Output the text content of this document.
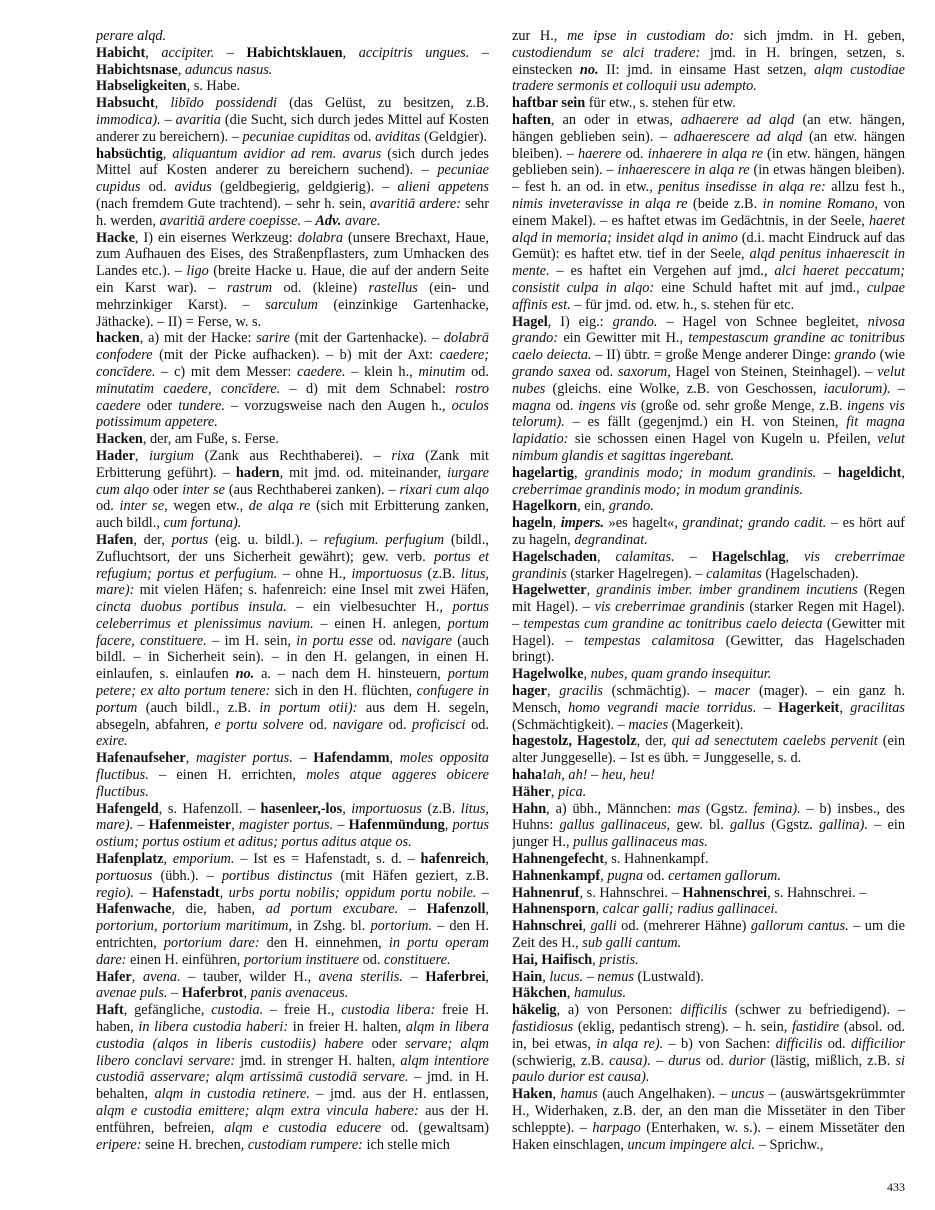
perare alqd.

Habicht, accipiter. – Habichtsklauen, accipitris ungues. – Habichtsnase, aduncus nasus.

Habseligkeiten, s. Habe.

Habsucht, libīdo possidendi (das Gelüst, zu besitzen, z.B. immodica). – avaritia (die Sucht, sich durch jedes Mittel auf Kosten anderer zu bereichern). – pecuniae cupiditas od. aviditas (Geldgier).

habsüchtig, aliquantum avidior ad rem. avarus (sich durch jedes Mittel auf Kosten anderer zu bereichern suchend). – pecuniae cupidus od. avidus (geldbegierig, geldgierig). – alieni appetens (nach fremdem Gute trachtend). – sehr h. sein, avaritiā ardere: sehr h. werden, avaritiā ardere coepisse. – Adv. avare.

Hacke, I) ein eisernes Werkzeug: dolabra (unsere Brechaxt, Haue, zum Aufhauen des Eises, des Straßenpflasters, zum Umhacken des Landes etc.). – ligo (breite Hacke u. Haue, die auf der andern Seite ein Karst war). – rastrum od. (kleine) rastellus (ein- und mehrzinkiger Karst). – sarculum (einzinkige Gartenhacke, Jäthacke). – II) = Ferse, w. s.

hacken, a) mit der Hacke: sarire (mit der Gartenhacke). – dolabrā confodere (mit der Picke aufhacken). – b) mit der Axt: caedere; concīdere. – c) mit dem Messer: caedere. – klein h., minutim od. minutatim caedere, concīdere. – d) mit dem Schnabel: rostro caedere oder tundere. – vorzugsweise nach den Augen h., oculos potissimum appetere.

Hacken, der, am Fuße, s. Ferse.

Hader, iurgium (Zank aus Rechthaberei). – rixa (Zank mit Erbitterung geführt). – hadern, mit jmd. od. miteinander, iurgare cum alqo oder inter se (aus Rechthaberei zanken). – rixari cum alqo od. inter se, wegen etw., de alqa re (sich mit Erbitterung zanken, auch bildl., cum fortuna).

Hafen, der, portus (eig. u. bildl.). – refugium. perfugium (bildl., Zufluchtsort, der uns Sicherheit gewährt); gew. verb. portus et refugium; portus et perfugium. – ohne H., importuosus (z.B. litus, mare): mit vielen Häfen; s. hafenreich: eine Insel mit zwei Häfen, cincta duobus portibus insula. – ein vielbesuchter H., portus celeberrimus et plenissimus navium. – einen H. anlegen, portum facere, constituere. – im H. sein, in portu esse od. navigare (auch bildl. – in Sicherheit sein). – in den H. gelangen, in einen H. einlaufen, s. einlaufen no. a. – nach dem H. hinsteuern, portum petere; ex alto portum tenere: sich in den H. flüchten, confugere in portum (auch bildl., z.B. in portum otii): aus dem H. segeln, absegeln, abfahren, e portu solvere od. navigare od. proficisci od. exire.

Hafenaufseher, magister portus. – Hafendamm, moles opposita fluctibus. – einen H. errichten, moles atque aggeres obicere fluctibus.

Hafengeld, s. Hafenzoll. – hasenleer,-los, importuosus (z.B. litus, mare). – Hafenmeister, magister portus. – Hafenmündung, portus ostium; portus ostium et aditus; portus aditus atque os.

Hafenplatz, emporium. – Ist es = Hafenstadt, s. d. – hafenreich, portuosus (übh.). – portibus distinctus (mit Häfen geziert, z.B. regio). – Hafenstadt, urbs portu nobilis; oppidum portu nobile. – Hafenwache, die, haben, ad portum excubare. – Hafenzoll, portorium, portorium maritimum, in Zshg. bl. portorium. – den H. entrichten, portorium dare: den H. einnehmen, in portu operam dare: einen H. einführen, portorium instituere od. constituere.

Hafer, avena. – tauber, wilder H., avena sterilis. – Haferbrei, avenae puls. – Haferbrot, panis avenaceus.

Haft, gefängliche, custodia. – freie H., custodia libera: freie H. haben, in libera custodia haberi: in freier H. halten, alqm in libera custodia (alqos in liberis custodiis) habere oder servare; alqm libero conclavi servare: jmd. in strenger H. halten, alqm intentiore custodiā asservare; alqm artissimā custodiā servare. – jmd. in H. behalten, alqm in custodia retinere. – jmd. aus der H. entlassen, alqm e custodia emittere; alqm extra vincula habere: aus der H. entführen, befreien, alqm e custodia educere od. (gewaltsam) eripere: seine H. brechen, custodiam rumpere: ich stelle mich

zur H., me ipse in custodiam do: sich jmdm. in H. geben, custodiendum se alci tradere: jmd. in H. bringen, setzen, s. einstecken no. II: jmd. in einsame Hast setzen, alqm custodiae tradere sermonis et colloquii usu adempto.

haftbar sein für etw., s. stehen für etw.

haften, an oder in etwas, adhaerere ad alqd (an etw. hängen, hängen geblieben sein). – adhaerescere ad alqd (an etw. hängen bleiben). – haerere od. inhaerere in alqa re (in etw. hängen, hängen geblieben sein). – inhaerescere in alqa re (in etwas hängen bleiben). – fest h. an od. in etw., penitus insedisse in alqa re: allzu fest h., nimis inveteravisse in alqa re (beide z.B. in nomine Romano, von einem Makel). – es haftet etwas im Gedächtnis, in der Seele, haeret alqd in memoria; insidet alqd in animo (d.i. macht Eindruck auf das Gemüt): es haftet etw. tief in der Seele, alqd penitus inhaerescit in mente. – es haftet ein Vergehen auf jmd., alci haeret peccatum; consistit culpa in alqo: eine Schuld haftet mit auf jmd., culpae affinis est. – für jmd. od. etw. h., s. stehen für etc.

Hagel, I) eig.: grando. – Hagel von Schnee begleitet, nivosa grando: ein Gewitter mit H., tempestascum grandine ac tonitribus caelo deiecta. – II) übtr. = große Menge anderer Dinge: grando (wie grando saxea od. saxorum, Hagel von Steinen, Steinhagel). – velut nubes (gleichs. eine Wolke, z.B. von Geschossen, iaculorum). – magna od. ingens vis (große od. sehr große Menge, z.B. ingens vis telorum). – es fällt (gegenjmd.) ein H. von Steinen, fit magna lapidatio: sie schossen einen Hagel von Kugeln u. Pfeilen, velut nimbum glandis et sagittas ingerebant.

hagelartig, grandinis modo; in modum grandinis. – hageldicht, creberrimae grandinis modo; in modum grandinis.

Hagelkorn, ein, grando.

hageln, impers. »es hagelt«, grandinat; grando cadit. – es hört auf zu hageln, degrandinat.

Hagelschaden, calamitas. – Hagelschlag, vis creberrimae grandinis (starker Hagelregen). – calamitas (Hagelschaden).

Hagelwetter, grandinis imber. imber grandinem incutiens (Regen mit Hagel). – vis creberrimae grandinis (starker Regen mit Hagel). – tempestas cum grandine ac tonitribus caelo deiecta (Gewitter mit Hagel). – tempestas calamitosa (Gewitter, das Hagelschaden bringt).

Hagelwolke, nubes, quam grando insequitur.

hager, gracilis (schmächtig). – macer (mager). – ein ganz h. Mensch, homo vegrandi macie torridus. – Hagerkeit, gracilitas (Schmächtigkeit). – macies (Magerkeit).

hagestolz, Hagestolz, der, qui ad senectutem caelebs pervenit (ein alter Junggeselle). – Ist es übh. = Junggeselle, s. d.

haha!ah, ah! – heu, heu!

Häher, pica.

Hahn, a) übh., Männchen: mas (Ggstz. femina). – b) insbes., des Huhns: gallus gallinaceus, gew. bl. gallus (Ggstz. gallina). – ein junger H., pullus gallinaceus mas.

Hahnengefecht, s. Hahnenkampf.

Hahnenkampf, pugna od. certamen gallorum.

Hahnenruf, s. Hahnschrei. – Hahnenschrei, s. Hahnschrei. –

Hahnensporn, calcar galli; radius gallinacei.

Hahnschrei, galli od. (mehrerer Hähne) gallorum cantus. – um die Zeit des H., sub galli cantum.

Hai, Haifisch, pristis.

Hain, lucus. – nemus (Lustwald).

Häkchen, hamulus.

häkelig, a) von Personen: difficilis (schwer zu befriedigend). – fastidiosus (eklig, pedantisch streng). – h. sein, fastidire (absol. od. in, bei etwas, in alqa re). – b) von Sachen: difficilis od. difficilior (schwierig, z.B. causa). – durus od. durior (lästig, mißlich, z.B. si paulo durior est causa).

Haken, hamus (auch Angelhaken). – uncus – (auswärtsgekrümmter H., Widerhaken, z.B. der, an den man die Missetäter in den Tiber schleppte). – harpago (Enterhaken, w. s.). – einem Missetäter den Haken einschlagen, uncum impingere alci. – Sprichw.,

433
